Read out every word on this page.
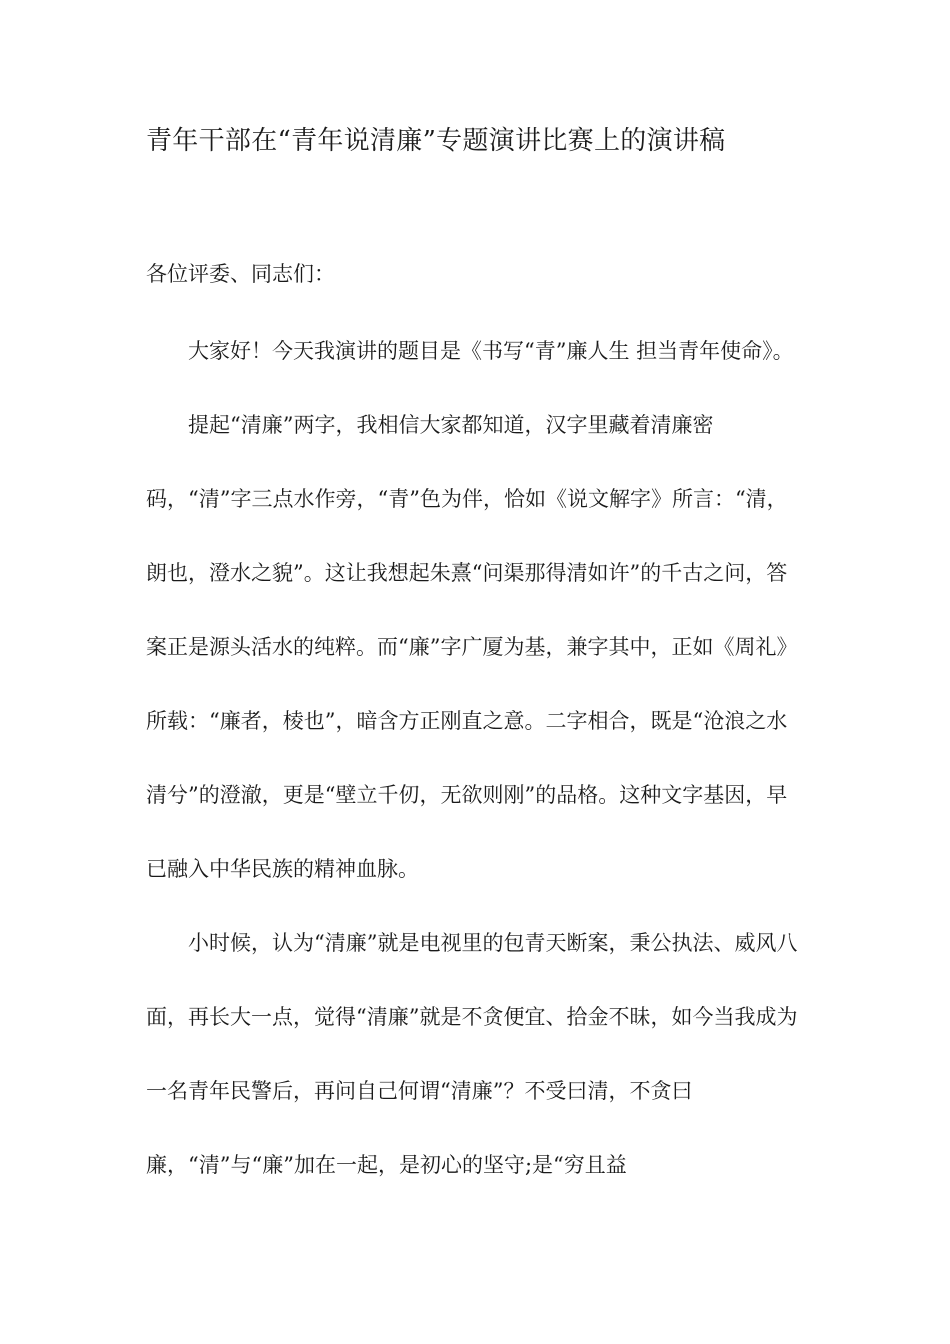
青年干部在“青年说清廉”专题演讲比赛上的演讲稿

各位评委、同志们：

大家好！今天我演讲的题目是《书写“青”廉人生 担当青年使命》。

提起“清廉”两字，我相信大家都知道，汉字里藏着清廉密码，“清”字三点水作旁，“青”色为伴，恰如《说文解字》所言：“清，朗也，澄水之貌”。这让我想起朱熹“问渠那得清如许”的千古之问，答案正是源头活水的纯粹。而“廉”字广厦为基，兼字其中，正如《周礼》所载：“廉者，棱也”，暗含方正刚直之意。二字相合，既是“沧浪之水清兮”的澄澈，更是“壁立千仞，无欲则刚”的品格。这种文字基因，早已融入中华民族的精神血脉。

小时候，认为“清廉”就是电视里的包青天断案，秉公执法、威风八面，再长大一点，觉得“清廉”就是不贪便宜、拾金不昧，如今当我成为一名青年民警后，再问自己何谓“清廉”？不受曰清，不贪曰廉，“清”与“廉”加在一起，是初心的坚守;是“穷且益
